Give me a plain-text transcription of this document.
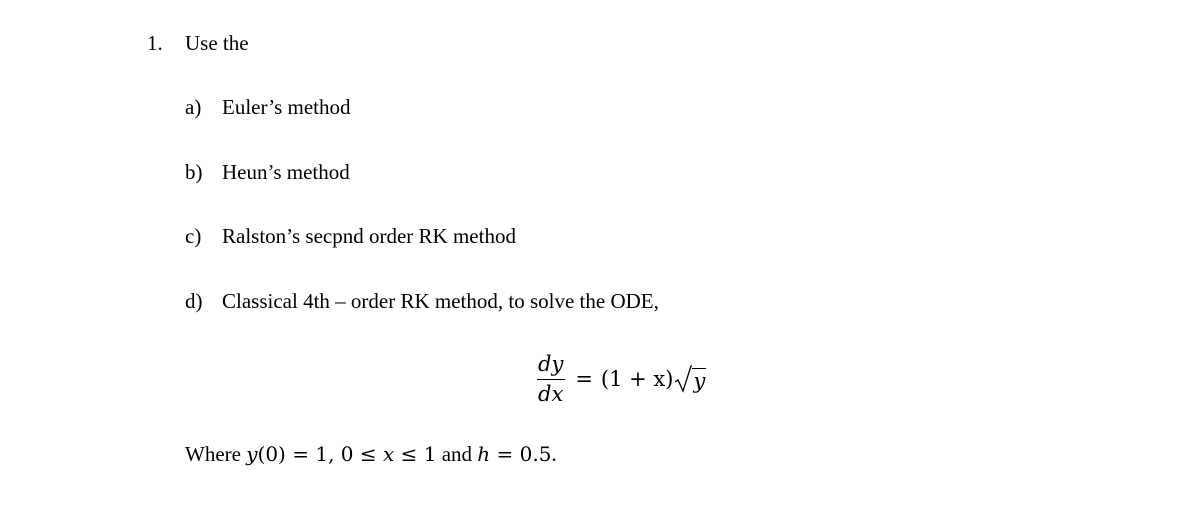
1. Use the
a) Euler’s method
b) Heun’s method
c) Ralston’s secpnd order RK method
d) Classical 4th – order RK method, to solve the ODE,
$\frac{dy}{dx} = (1 + x)$ y
Where y(0) = 1, 0 ≤ x ≤ 1 and h = 0.5.
